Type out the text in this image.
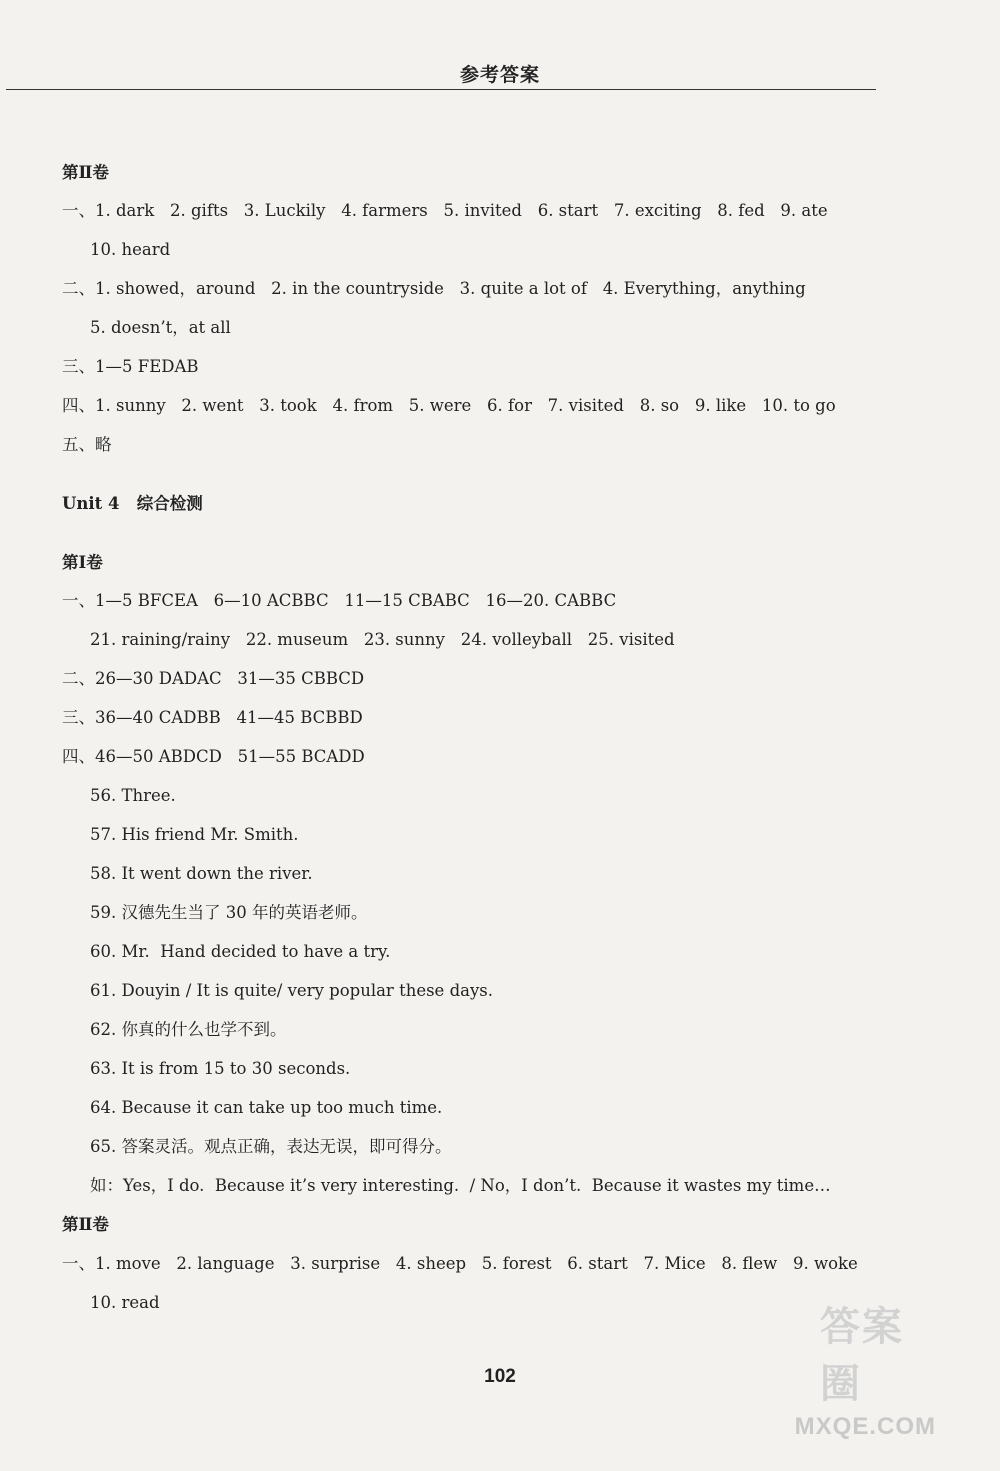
参考答案
第Ⅱ卷
一、1. dark   2. gifts   3. Luckily   4. farmers   5. invited   6. start   7. exciting   8. fed   9. ate
10. heard
二、1. showed，around   2. in the countryside   3. quite a lot of   4. Everything，anything
5. doesn’t，at all
三、1—5 FEDAB
四、1. sunny   2. went   3. took   4. from   5. were   6. for   7. visited   8. so   9. like   10. to go
五、略
Unit 4   综合检测
第Ⅰ卷
一、1—5 BFCEA   6—10 ACBBC   11—15 CBABC   16—20. CABBC
21. raining/rainy   22. museum   23. sunny   24. volleyball   25. visited
二、26—30 DADAC   31—35 CBBCD
三、36—40 CADBB   41—45 BCBBD
四、46—50 ABDCD   51—55 BCADD
56. Three.
57. His friend Mr. Smith.
58. It went down the river.
59. 汉德先生当了 30 年的英语老师。
60. Mr.  Hand decided to have a try.
61. Douyin / It is quite/ very popular these days.
62. 你真的什么也学不到。
63. It is from 15 to 30 seconds.
64. Because it can take up too much time.
65. 答案灵活。观点正确，表达无误，即可得分。
如：Yes，I do.  Because it’s very interesting.  / No，I don’t.  Because it wastes my time…
第Ⅱ卷
一、1. move   2. language   3. surprise   4. sheep   5. forest   6. start   7. Mice   8. flew   9. woke
10. read
102
答案圈
MXQE.COM
